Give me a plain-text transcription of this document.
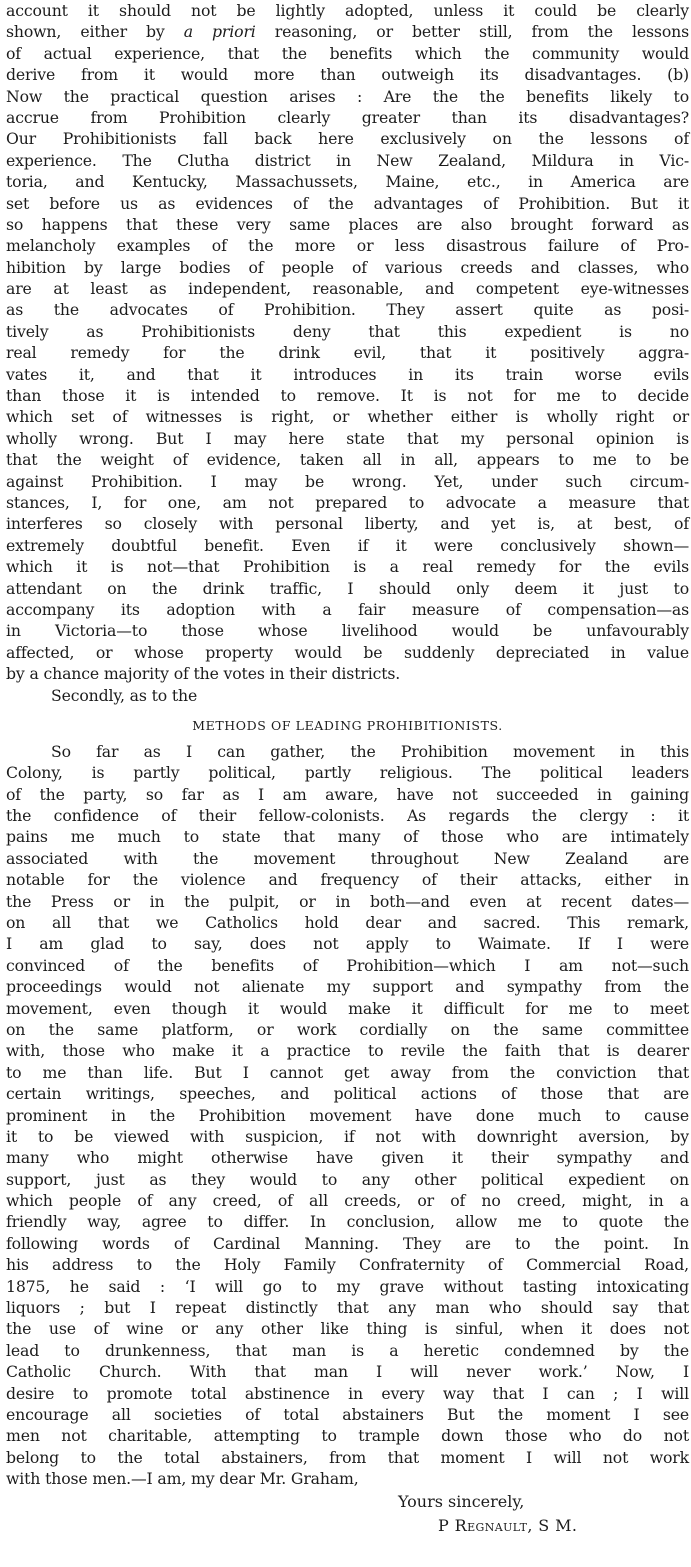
account it should not be lightly adopted, unless it could be clearly
shown, either by a priori reasoning, or better still, from the lessons
of actual experience, that the benefits which the community would
derive from it would more than outweigh its disadvantages. (b)
Now the practical question arises : Are the the benefits likely to
accrue from Prohibition clearly greater than its disadvantages?
Our Prohibitionists fall back here exclusively on the lessons of
experience. The Clutha district in New Zealand, Mildura in Vic-
toria, and Kentucky, Massachussets, Maine, etc., in America are
set before us as evidences of the advantages of Prohibition. But it
so happens that these very same places are also brought forward as
melancholy examples of the more or less disastrous failure of Pro-
hibition by large bodies of people of various creeds and classes, who
are at least as independent, reasonable, and competent eye-witnesses
as the advocates of Prohibition. They assert quite as posi-
tively as Prohibitionists deny that this expedient is no
real remedy for the drink evil, that it positively aggra-
vates it, and that it introduces in its train worse evils
than those it is intended to remove. It is not for me to decide
which set of witnesses is right, or whether either is wholly right or
wholly wrong. But I may here state that my personal opinion is
that the weight of evidence, taken all in all, appears to me to be
against Prohibition. I may be wrong. Yet, under such circum-
stances, I, for one, am not prepared to advocate a measure that
interferes so closely with personal liberty, and yet is, at best, of
extremely doubtful benefit. Even if it were conclusively shown—
which it is not—that Prohibition is a real remedy for the evils
attendant on the drink traffic, I should only deem it just to
accompany its adoption with a fair measure of compensation—as
in Victoria—to those whose livelihood would be unfavourably
affected, or whose property would be suddenly depreciated in value
by a chance majority of the votes in their districts.
Secondly, as to the
METHODS OF LEADING PROHIBITIONISTS.
So far as I can gather, the Prohibition movement in this
Colony, is partly political, partly religious. The political leaders
of the party, so far as I am aware, have not succeeded in gaining
the confidence of their fellow-colonists. As regards the clergy : it
pains me much to state that many of those who are intimately
associated with the movement throughout New Zealand are
notable for the violence and frequency of their attacks, either in
the Press or in the pulpit, or in both—and even at recent dates—
on all that we Catholics hold dear and sacred. This remark,
I am glad to say, does not apply to Waimate. If I were
convinced of the benefits of Prohibition—which I am not—such
proceedings would not alienate my support and sympathy from the
movement, even though it would make it difficult for me to meet
on the same platform, or work cordially on the same committee
with, those who make it a practice to revile the faith that is dearer
to me than life. But I cannot get away from the conviction that
certain writings, speeches, and political actions of those that are
prominent in the Prohibition movement have done much to cause
it to be viewed with suspicion, if not with downright aversion, by
many who might otherwise have given it their sympathy and
support, just as they would to any other political expedient on
which people of any creed, of all creeds, or of no creed, might, in a
friendly way, agree to differ. In conclusion, allow me to quote the
following words of Cardinal Manning. They are to the point. In
his address to the Holy Family Confraternity of Commercial Road,
1875, he said : ‘I will go to my grave without tasting intoxicating
liquors ; but I repeat distinctly that any man who should say that
the use of wine or any other like thing is sinful, when it does not
lead to drunkenness, that man is a heretic condemned by the
Catholic Church. With that man I will never work.’ Now, I
desire to promote total abstinence in every way that I can ; I will
encourage all societies of total abstainers But the moment I see
men not charitable, attempting to trample down those who do not
belong to the total abstainers, from that moment I will not work
with those men.—I am, my dear Mr. Graham,
Yours sincerely,
P Regnault, S M.
